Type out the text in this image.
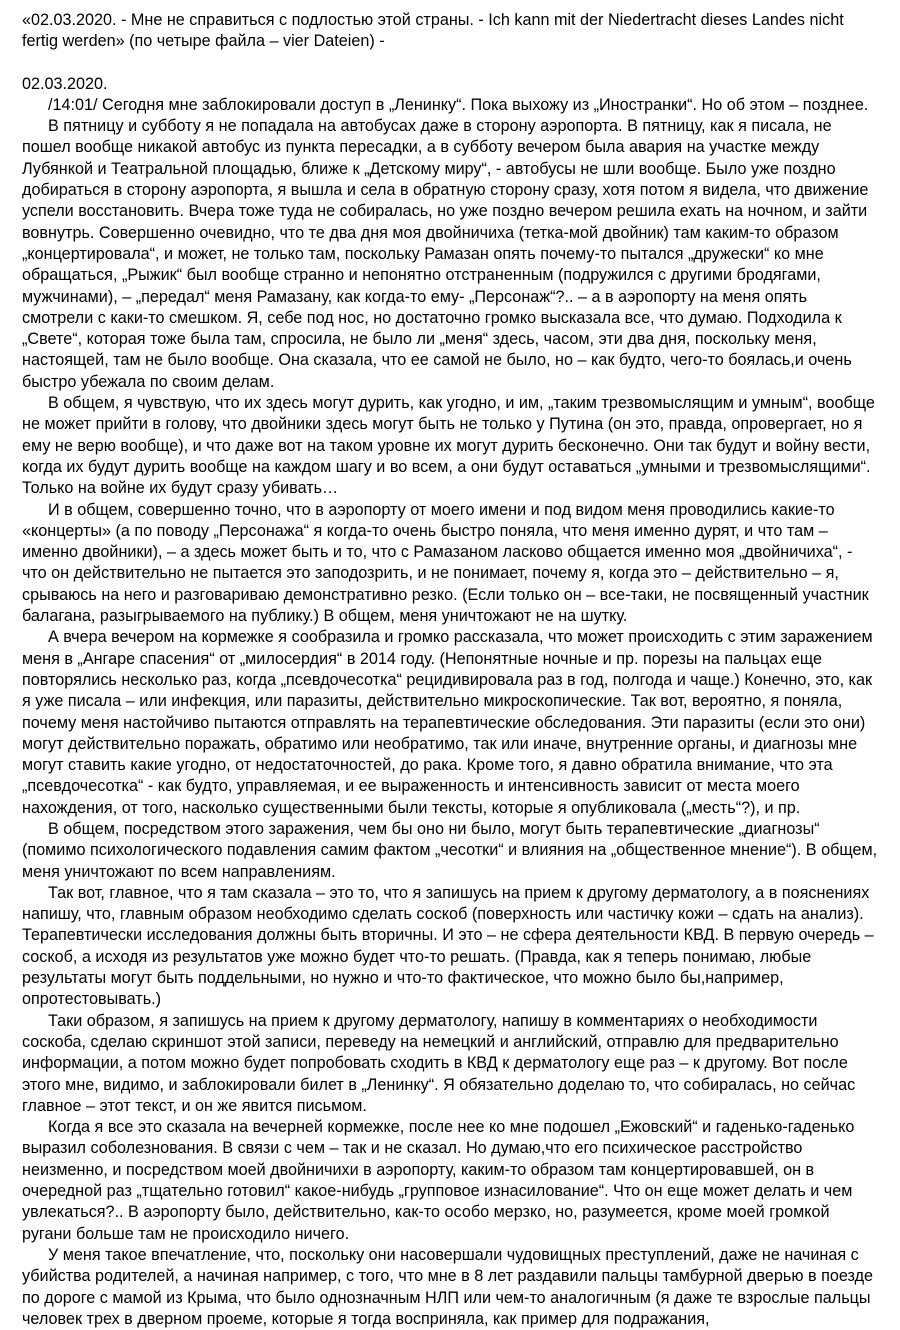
«02.03.2020. - Мне не справиться с подлостью этой страны. - Ich kann mit der Niedertracht dieses Landes nicht fertig werden» (по четыре файла – vier Dateien) -

02.03.2020.

/14:01/ Сегодня мне заблокировали доступ в „Ленинку“. Пока выхожу из „Иностранки“. Но об этом – позднее.

В пятницу и субботу я не попадала на автобусах даже в сторону аэропорта. В пятницу, как я писала, не пошел вообще никакой автобус из пункта пересадки, а в субботу вечером была авария на участке между Лубянкой и Театральной площадью, ближе к „Детскому миру“, - автобусы не шли вообще. Было уже поздно добираться в сторону аэропорта, я вышла и села в обратную сторону сразу, хотя потом я видела, что движение успели восстановить. Вчера тоже туда не собиралась, но уже поздно вечером решила ехать на ночном, и зайти вовнутрь. Совершенно очевидно, что те два дня моя двойничиха (тетка-мой двойник) там каким-то образом „концертировала“, и может, не только там, поскольку Рамазан опять почему-то пытался „дружески“ ко мне обращаться, „Рыжик“ был вообще странно и непонятно отстраненным (подружился с другими бродягами, мужчинами), – „передал“ меня Рамазану, как когда-то ему- „Персонаж“?.. – а в аэропорту на меня опять смотрели с каки-то смешком. Я, себе под нос, но достаточно громко высказала все, что думаю. Подходила к „Свете“, которая тоже была там, спросила, не было ли „меня“ здесь, часом, эти два дня, поскольку меня, настоящей, там не было вообще. Она сказала, что ее самой не было, но – как будто, чего-то боялась,и очень быстро убежала по своим делам.

В общем, я чувствую, что их здесь могут дурить, как угодно, и им, „таким трезвомыслящим и умным“, вообще не может прийти в голову, что двойники здесь могут быть не только у Путина (он это, правда, опровергает, но я ему не верю вообще), и что даже вот на таком уровне их могут дурить бесконечно. Они так будут и войну вести, когда их будут дурить вообще на каждом шагу и во всем, а они будут оставаться „умными и трезвомыслящими“. Только на войне их будут сразу убивать…

И в общем, совершенно точно, что в аэропорту от моего имени и под видом меня проводились какие-то «концерты» (а по поводу „Персонажа“ я когда-то очень быстро поняла, что меня именно дурят, и что там – именно двойники), – а здесь может быть и то, что с Рамазаном ласково общается именно моя „двойничиха“, - что он действительно не пытается это заподозрить, и не понимает, почему я, когда это – действительно – я, срываюсь на него и разговариваю демонстративно резко. (Если только он – все-таки, не посвященный участник балагана, разыгрываемого на публику.) В общем, меня уничтожают не на шутку.

А вчера вечером на кормежке я сообразила и громко рассказала, что может происходить с этим заражением меня в „Ангаре спасения“ от „милосердия“ в 2014 году. (Непонятные ночные и пр. порезы на пальцах еще повторялись несколько раз, когда „псевдочесотка“ рецидивировала раз в год, полгода и чаще.) Конечно, это, как я уже писала – или инфекция, или паразиты, действительно микроскопические. Так вот, вероятно, я поняла, почему меня настойчиво пытаются отправлять на терапевтические обследования. Эти паразиты (если это они) могут действительно поражать, обратимо или необратимо, так или иначе, внутренние органы, и диагнозы мне могут ставить какие угодно, от недостаточностей, до рака. Кроме того, я давно обратила внимание, что эта „псевдочесотка“ - как будто, управляемая, и ее выраженность и интенсивность зависит от места моего нахождения, от того, насколько существенными были тексты, которые я опубликовала („месть“?), и пр.

В общем, посредством этого заражения, чем бы оно ни было, могут быть терапевтические „диагнозы“ (помимо психологического подавления самим фактом „чесотки“ и влияния на „общественное мнение“). В общем, меня уничтожают по всем направлениям.

Так вот, главное, что я там сказала – это то, что я запишусь на прием к другому дерматологу, а в пояснениях напишу, что, главным образом необходимо сделать соскоб (поверхность или частичку кожи – сдать на анализ). Терапевтически исследования должны быть вторичны. И это – не сфера деятельности КВД. В первую очередь – соскоб, а исходя из результатов уже можно будет что-то решать. (Правда, как я теперь понимаю, любые результаты могут быть поддельными, но нужно и что-то фактическое, что можно было бы,например, опротестовывать.)

Таки образом, я запишусь на прием к другому дерматологу, напишу в комментариях о необходимости соскоба, сделаю скриншот этой записи, переведу на немецкий и английский, отправлю для предварительно информации, а потом можно будет попробовать сходить в КВД к дерматологу еще раз – к другому. Вот после этого мне, видимо, и заблокировали билет в „Ленинку“. Я обязательно доделаю то, что собиралась, но сейчас главное – этот текст, и он же явится письмом.

Когда я все это сказала на вечерней кормежке, после нее ко мне подошел „Ежовский“ и гаденько-гаденько выразил соболезнования. В связи с чем – так и не сказал. Но думаю,что его психическое расстройство неизменно, и посредством моей двойничихи в аэропорту, каким-то образом там концертировавшей, он в очередной раз „тщательно готовил“ какое-нибудь „групповое изнасилование“. Что он еще может делать и чем увлекаться?.. В аэропорту было, действительно, как-то особо мерзко, но, разумеется, кроме моей громкой ругани больше там не происходило ничего.

У меня такое впечатление, что, поскольку они насовершали чудовищных преступлений, даже не начиная с убийства родителей, а начиная например, с того, что мне в 8 лет раздавили пальцы тамбурной дверью в поезде по дороге с мамой из Крыма, что было однозначным НЛП или чем-то аналогичным (я даже те взрослые пальцы человек трех в дверном проеме, которые я тогда восприняла, как пример для подражания,
